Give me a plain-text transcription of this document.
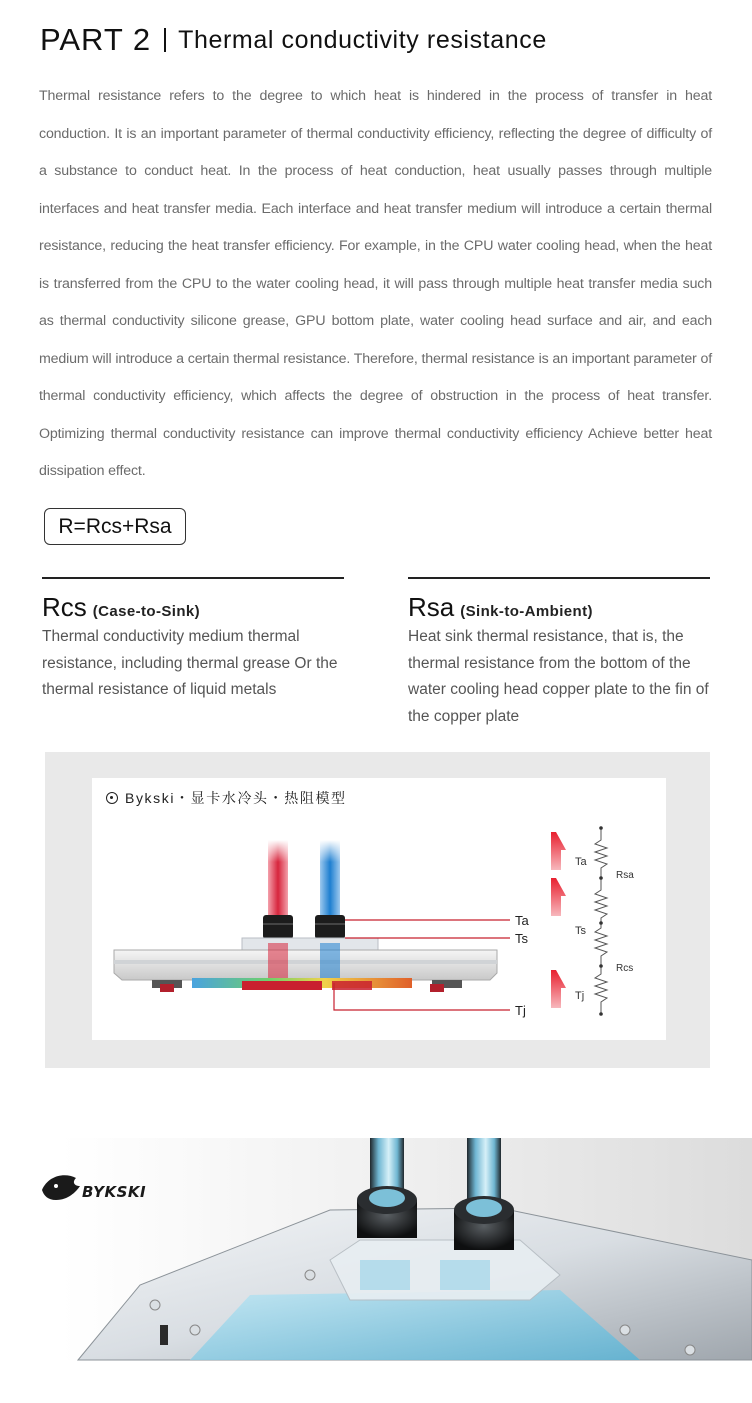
PART 2 Thermal conductivity resistance

Thermal resistance refers to the degree to which heat is hindered in the process of transfer in heat conduction. It is an important parameter of thermal conductivity efficiency, reflecting the degree of difficulty of a substance to conduct heat. In the process of heat conduction, heat usually passes through multiple interfaces and heat transfer media. Each interface and heat transfer medium will introduce a certain thermal resistance, reducing the heat transfer efficiency. For example, in the CPU water cooling head, when the heat is transferred from the CPU to the water cooling head, it will pass through multiple heat transfer media such as thermal conductivity silicone grease, GPU bottom plate, water cooling head surface and air, and each medium will introduce a certain thermal resistance. Therefore, thermal resistance is an important parameter of thermal conductivity efficiency, which affects the degree of obstruction in the process of heat transfer. Optimizing thermal conductivity resistance can improve thermal conductivity efficiency Achieve better heat dissipation effect.

R=Rcs+Rsa
Rcs (Case-to-Sink)

Thermal conductivity medium thermal resistance, including thermal grease Or the thermal resistance of liquid metals

Rsa (Sink-to-Ambient)

Heat sink thermal resistance, that is, the thermal resistance from the bottom of the water cooling head copper plate to the fin of the copper plate

Bykski・显卡水冷头・热阻模型
Ta
Ts
Tj
Ta
Ts
Tj
Rsa
Rcs
BYKSKI
